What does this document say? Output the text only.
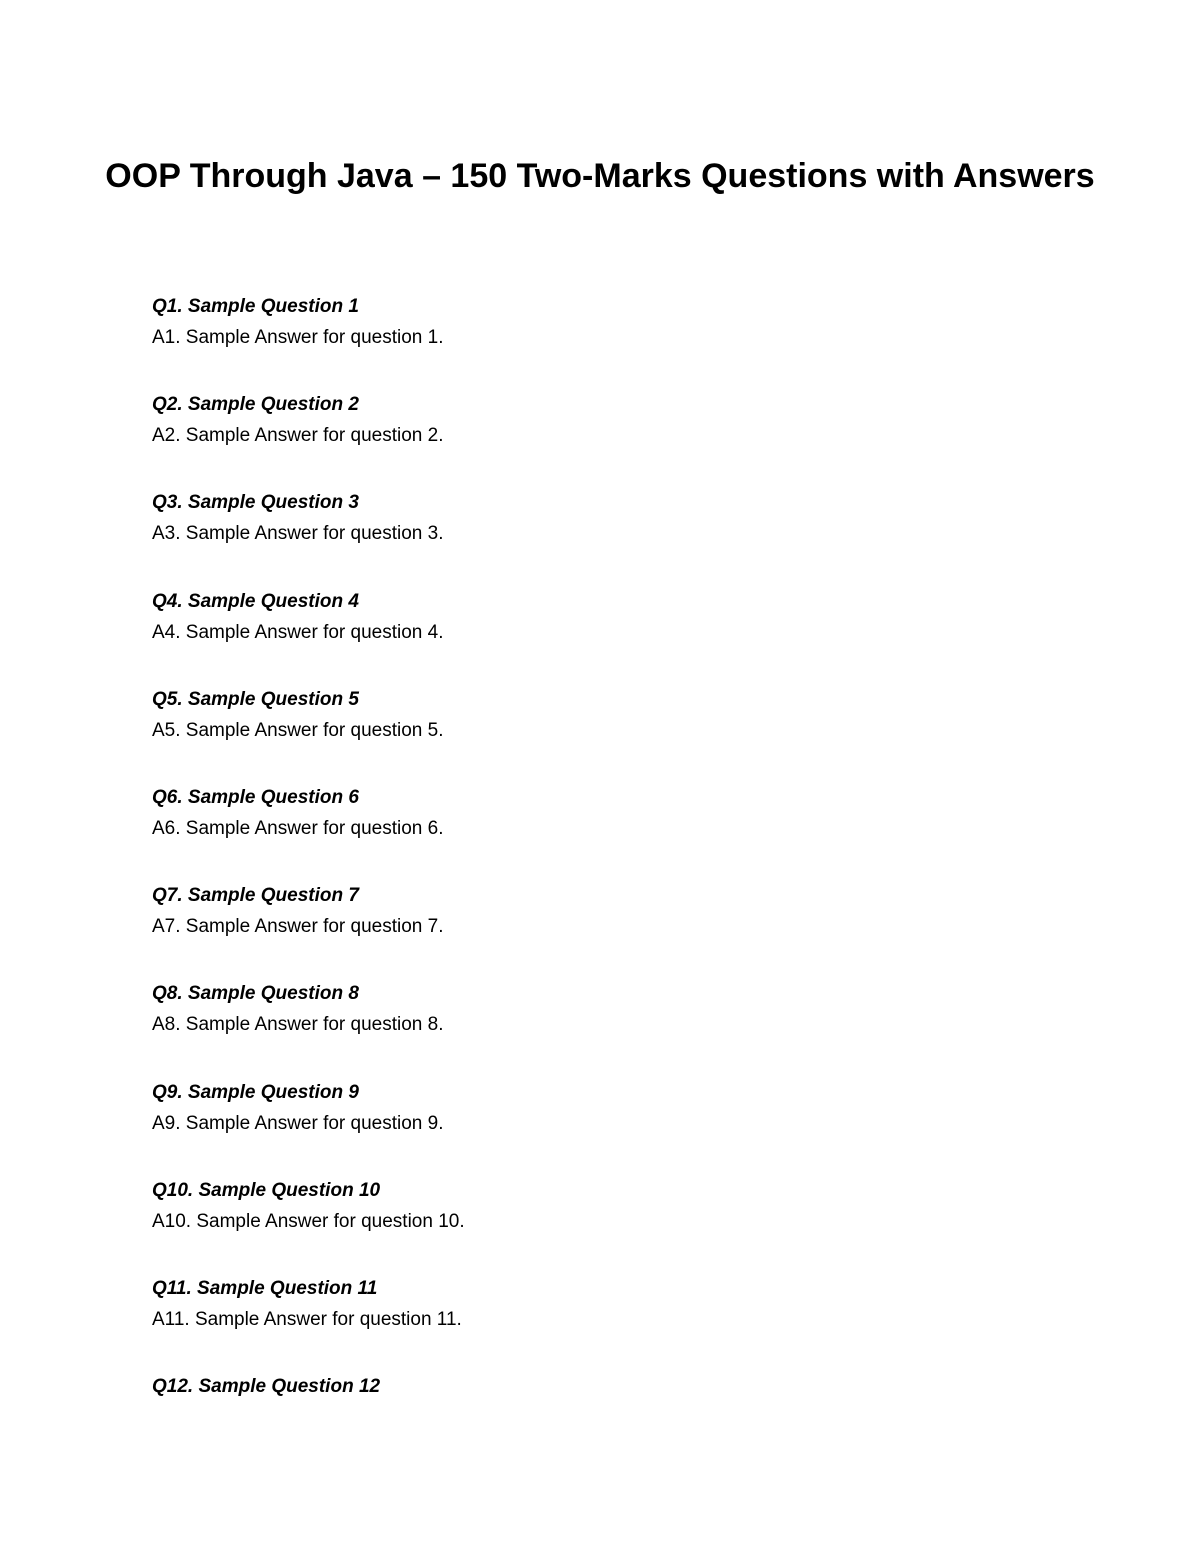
OOP Through Java – 150 Two-Marks Questions with Answers
Q1. Sample Question 1
A1. Sample Answer for question 1.
Q2. Sample Question 2
A2. Sample Answer for question 2.
Q3. Sample Question 3
A3. Sample Answer for question 3.
Q4. Sample Question 4
A4. Sample Answer for question 4.
Q5. Sample Question 5
A5. Sample Answer for question 5.
Q6. Sample Question 6
A6. Sample Answer for question 6.
Q7. Sample Question 7
A7. Sample Answer for question 7.
Q8. Sample Question 8
A8. Sample Answer for question 8.
Q9. Sample Question 9
A9. Sample Answer for question 9.
Q10. Sample Question 10
A10. Sample Answer for question 10.
Q11. Sample Question 11
A11. Sample Answer for question 11.
Q12. Sample Question 12
